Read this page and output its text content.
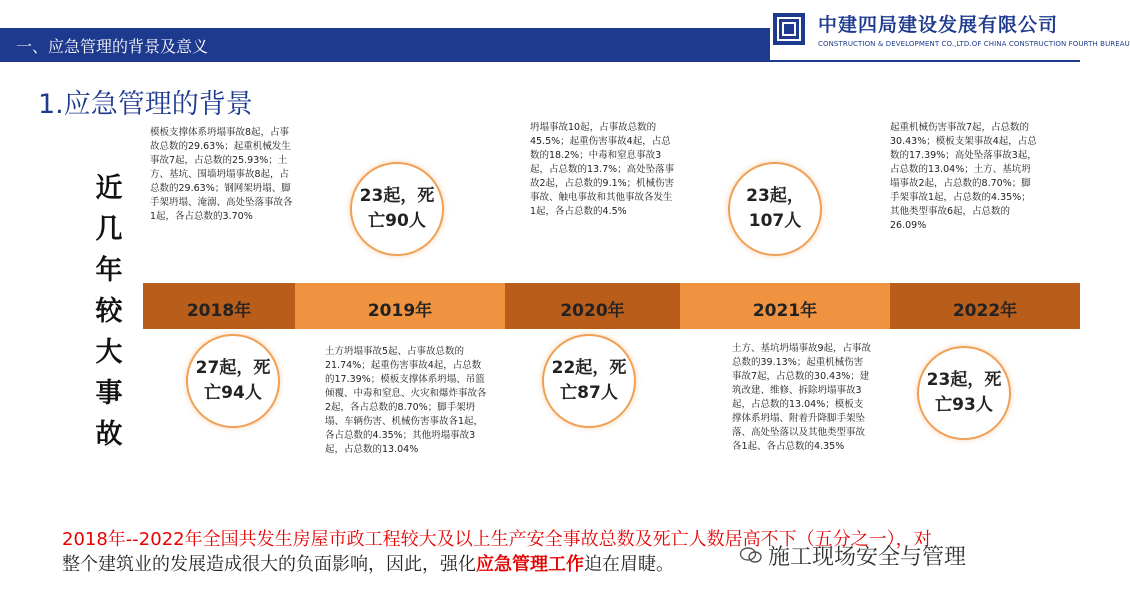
一、应急管理的背景及意义
中建四局建设发展有限公司
CONSTRUCTION & DEVELOPMENT CO.,LTD.OF CHINA CONSTRUCTION FOURTH BUREAU
1.应急管理的背景
近
几
年
较
大
事
故
2018年	2019年	2020年	2021年	2022年
27起，死亡94人
23起，死亡90人
22起，死亡87人
23起，107人
23起，死亡93人
模板支撑体系坍塌事故8起，占事故总数的29.63%；起重机械发生事故7起，占总数的25.93%；土方、基坑、围墙坍塌事故8起，占总数的29.63%；钢网架坍塌、脚手架坍塌、淹溺、高处坠落事故各1起，各占总数的3.70%
土方坍塌事故5起、占事故总数的21.74%；起重伤害事故4起，占总数的17.39%；模板支撑体系坍塌、吊篮倾覆、中毒和窒息、火灾和爆炸事故各2起，各占总数的8.70%；脚手架坍塌、车辆伤害、机械伤害事故各1起，各占总数的4.35%；其他坍塌事故3起，占总数的13.04%
坍塌事故10起，占事故总数的45.5%；起重伤害事故4起，占总数的18.2%；中毒和窒息事故3起，占总数的13.7%；高处坠落事故2起，占总数的9.1%；机械伤害事故、触电事故和其他事故各发生1起，各占总数的4.5%
土方、基坑坍塌事故9起，占事故总数的39.13%；起重机械伤害事故7起，占总数的30.43%；建筑改建、维修、拆除坍塌事故3起，占总数的13.04%；模板支撑体系坍塌、附着升降脚手架坠落、高处坠落以及其他类型事故各1起、各占总数的4.35%
起重机械伤害事故7起，占总数的30.43%；模板支架事故4起，占总数的17.39%；高处坠落事故3起，占总数的13.04%；土方、基坑坍塌事故2起，占总数的8.70%；脚手架事故1起，占总数的4.35%；其他类型事故6起，占总数的26.09%
2018年--2022年全国共发生房屋市政工程较大及以上生产安全事故总数及死亡人数居高不下（五分之一），对
整个建筑业的发展造成很大的负面影响，因此，强化应急管理工作迫在眉睫。	施工现场安全与管理
